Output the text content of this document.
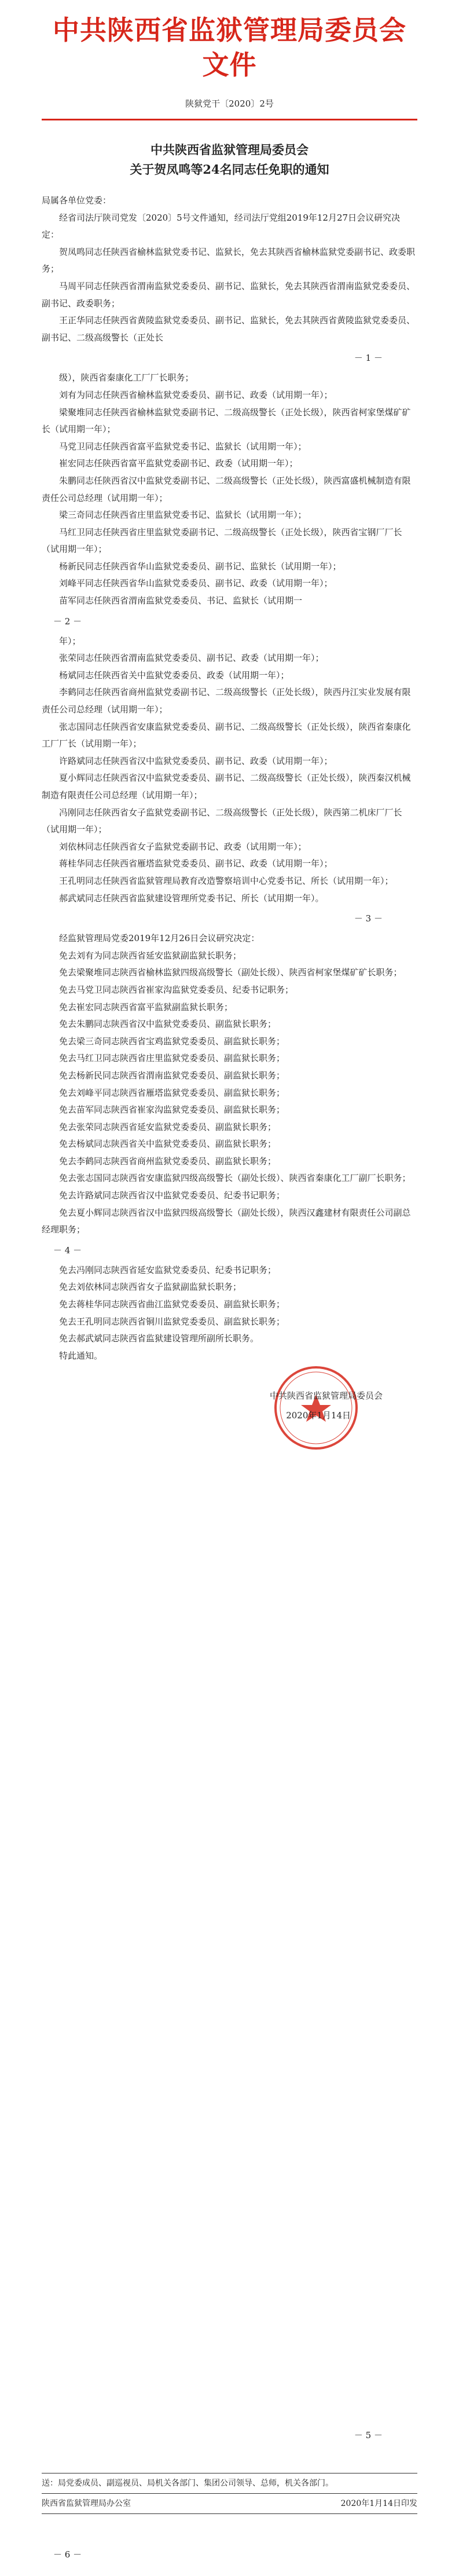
中共陕西省监狱管理局委员会文件
陕狱党干〔2020〕2号
中共陕西省监狱管理局委员会
关于贺凤鸣等24名同志任免职的通知

局属各单位党委：

经省司法厅陕司党发〔2020〕5号文件通知，经司法厅党组2019年12月27日会议研究决定：

贺凤鸣同志任陕西省榆林监狱党委书记、监狱长，免去其陕西省榆林监狱党委副书记、政委职务；

马周平同志任陕西省渭南监狱党委委员、副书记、监狱长，免去其陕西省渭南监狱党委委员、副书记、政委职务；

王正华同志任陕西省黄陵监狱党委委员、副书记、监狱长，免去其陕西省黄陵监狱党委委员、副书记、二级高级警长（正处长

－ 1 －

级），陕西省秦康化工厂厂长职务；

刘有为同志任陕西省榆林监狱党委委员、副书记、政委（试用期一年）；

梁聚堆同志任陕西省榆林监狱党委副书记、二级高级警长（正处长级），陕西省柯家堡煤矿矿长（试用期一年）；

马党卫同志任陕西省富平监狱党委书记、监狱长（试用期一年）；

崔宏同志任陕西省富平监狱党委副书记、政委（试用期一年）；

朱鹏同志任陕西省汉中监狱党委副书记、二级高级警长（正处长级），陕西富盛机械制造有限责任公司总经理（试用期一年）；

梁三奇同志任陕西省庄里监狱党委书记、监狱长（试用期一年）；

马红卫同志任陕西省庄里监狱党委副书记、二级高级警长（正处长级），陕西省宝钢厂厂长（试用期一年）；

杨新民同志任陕西省华山监狱党委委员、副书记、监狱长（试用期一年）；

刘峰平同志任陕西省华山监狱党委委员、副书记、政委（试用期一年）；

苗军同志任陕西省渭南监狱党委委员、书记、监狱长（试用期一

－ 2 －

年）；

张荣同志任陕西省渭南监狱党委委员、副书记、政委（试用期一年）；

杨斌同志任陕西省关中监狱党委委员、政委（试用期一年）；

李鹤同志任陕西省商州监狱党委副书记、二级高级警长（正处长级），陕西丹江实业发展有限责任公司总经理（试用期一年）；

张志国同志任陕西省安康监狱党委委员、副书记、二级高级警长（正处长级），陕西省秦康化工厂厂长（试用期一年）；

许路斌同志任陕西省汉中监狱党委委员、副书记、政委（试用期一年）；

夏小辉同志任陕西省汉中监狱党委委员、副书记、二级高级警长（正处长级），陕西秦汉机械制造有限责任公司总经理（试用期一年）；

冯刚同志任陕西省女子监狱党委副书记、二级高级警长（正处长级），陕西第二机床厂厂长（试用期一年）；

刘依林同志任陕西省女子监狱党委副书记、政委（试用期一年）；

蒋桂华同志任陕西省雁塔监狱党委委员、副书记、政委（试用期一年）；

王孔明同志任陕西省监狱管理局教育改造警察培训中心党委书记、所长（试用期一年）；

郝武斌同志任陕西省监狱建设管理所党委书记、所长（试用期一年）。

－ 3 －

经监狱管理局党委2019年12月26日会议研究决定：

免去刘有为同志陕西省延安监狱副监狱长职务；

免去梁聚堆同志陕西省榆林监狱四级高级警长（副处长级）、陕西省柯家堡煤矿矿长职务；

免去马党卫同志陕西省崔家沟监狱党委委员、纪委书记职务；

免去崔宏同志陕西省富平监狱副监狱长职务；

免去朱鹏同志陕西省汉中监狱党委委员、副监狱长职务；

免去梁三奇同志陕西省宝鸡监狱党委委员、副监狱长职务；

免去马红卫同志陕西省庄里监狱党委委员、副监狱长职务；

免去杨新民同志陕西省渭南监狱党委委员、副监狱长职务；

免去刘峰平同志陕西省雁塔监狱党委委员、副监狱长职务；

免去苗军同志陕西省崔家沟监狱党委委员、副监狱长职务；

免去张荣同志陕西省延安监狱党委委员、副监狱长职务；

免去杨斌同志陕西省关中监狱党委委员、副监狱长职务；

免去李鹤同志陕西省商州监狱党委委员、副监狱长职务；

免去张志国同志陕西省安康监狱四级高级警长（副处长级）、陕西省秦康化工厂副厂长职务；

免去许路斌同志陕西省汉中监狱党委委员、纪委书记职务；

免去夏小辉同志陕西省汉中监狱四级高级警长（副处长级），陕西汉鑫建材有限责任公司副总经理职务；

－ 4 －

免去冯刚同志陕西省延安监狱党委委员、纪委书记职务；

免去刘依林同志陕西省女子监狱副监狱长职务；

免去蒋桂华同志陕西省曲江监狱党委委员、副监狱长职务；

免去王孔明同志陕西省铜川监狱党委委员、副监狱长职务；

免去郝武斌同志陕西省监狱建设管理所副所长职务。

特此通知。

中共陕西省监狱管理局委员会
2020年1月14日
－ 5 －
送：局党委成员、副巡视员、局机关各部门、集团公司领导、总师，机关各部门。
陕西省监狱管理局办公室	2020年1月14日印发
－ 6 －
